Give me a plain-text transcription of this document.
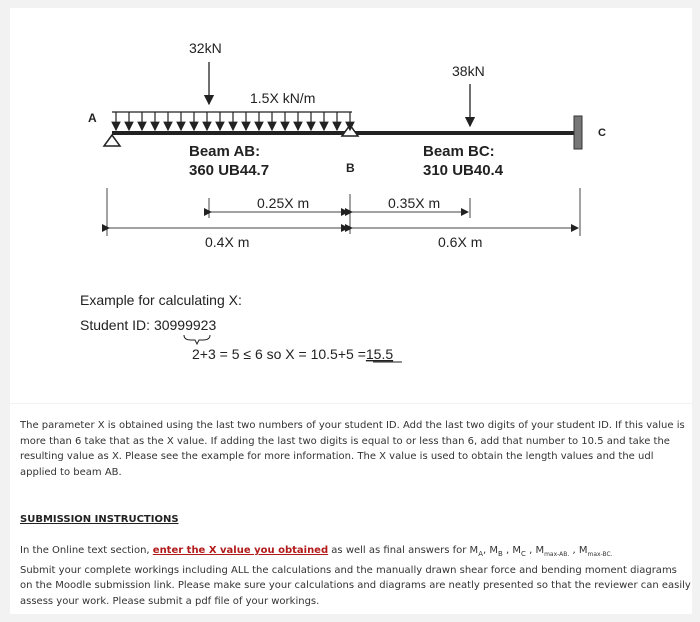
32kN
38kN
1.5X kN/m
A
B
C
Beam AB:
360 UB44.7
Beam BC:
310 UB40.4
0.25X m	0.35X m
0.4X m	0.6X m
Example for calculating X:
Student ID: 30999923
2+3 = 5 ≤ 6 so X = 10.5+5 =15.5
The parameter X is obtained using the last two numbers of your student ID. Add the last two digits of your student ID. If this value is more than 6 take that as the X value. If adding the last two digits is equal to or less than 6, add that number to 10.5 and take the resulting value as X. Please see the example for more information. The X value is used to obtain the length values and the udl applied to beam AB.
SUBMISSION INSTRUCTIONS
In the Online text section, enter the X value you obtained as well as final answers for $M_A$, $M_B$ , $M_C$ , $M_{max-AB.}$ , $M_{max-BC.}$
Submit your complete workings including ALL the calculations and the manually drawn shear force and bending moment diagrams on the Moodle submission link. Please make sure your calculations and diagrams are neatly presented so that the reviewer can easily assess your work. Please submit a pdf file of your workings.
